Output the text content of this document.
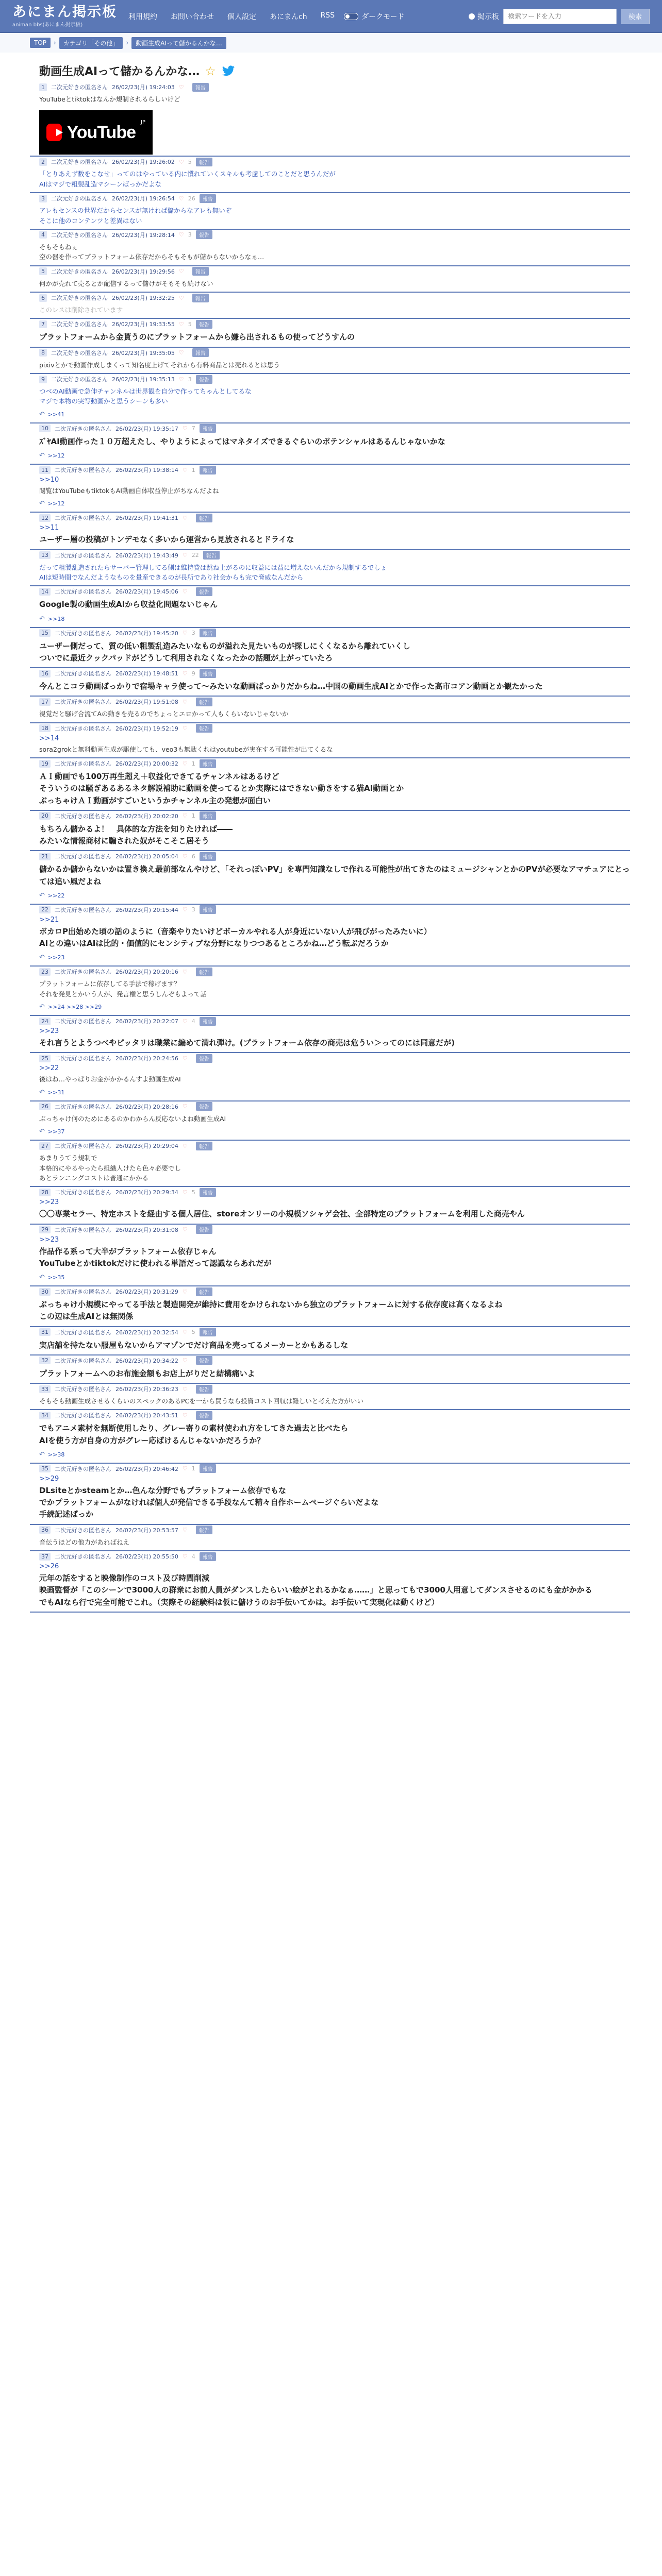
あにまん掲示板
animan bbs(あにまん掲示板)
利用規約 お問い合わせ 個人設定 あにまんch RSS	ダークモード	掲示板
検索ワードを入力	検索
TOP	›	カテゴリ「その他」	›	動画生成AIって儲かるんかな…
動画生成AIって儲かるんかな… ☆
1	二次元好きの匿名さん 26/02/23(月) 19:24:03 ♡	報告
YouTubeとtiktokはなんか規制されるらしいけど
YouTube JP
2	二次元好きの匿名さん 26/02/23(月) 19:26:02 ♡ 5	報告
「とりあえず数をこなせ」ってのはやっている内に慣れていくスキルも考慮してのことだと思うんだが
AIはマジで粗製乱造マシーンばっかだよな
3	二次元好きの匿名さん 26/02/23(月) 19:26:54 ♡ 26	報告
アレもセンスの世界だからセンスが無ければ儲からなアレも無いぞ
そこに他のコンテンツと差異はない
4	二次元好きの匿名さん 26/02/23(月) 19:28:14 ♡ 3	報告
そもそもねぇ
空の器を作ってプラットフォーム依存だからそもそもが儲からないからなぁ…
5	二次元好きの匿名さん 26/02/23(月) 19:29:56 ♡	報告
何かが売れて売るとか配信するって儲けがそもそも続けない
6	二次元好きの匿名さん 26/02/23(月) 19:32:25 ♡	報告
このレスは削除されています
7	二次元好きの匿名さん 26/02/23(月) 19:33:55 ♡ 5	報告
プラットフォームから金貰うのにプラットフォームから嫌ら出されるもの使ってどうすんの
8	二次元好きの匿名さん 26/02/23(月) 19:35:05 ♡	報告
pixivとかで動画作成しまくって知名度上げてそれから有料商品とは売れるとは思う
9	二次元好きの匿名さん 26/02/23(月) 19:35:13 ♡ 3	報告
つべのAI動画で急伸チャンネルは世界観を自分で作ってちゃんとしてるな
マジで本物の実写動画かと思うシーンも多い
↶ >>41
10	二次元好きの匿名さん 26/02/23(月) 19:35:17 ♡ 7	報告
ｽﾞﾔAI動画作った１０万超えたし、やりようによってはマネタイズできるぐらいのポテンシャルはあるんじゃないかな
↶ >>12
11	二次元好きの匿名さん 26/02/23(月) 19:38:14 ♡ 1	報告
>>10
閲覧はYouTubeもtiktokもAI動画自体収益停止がちなんだよね
↶ >>12
12	二次元好きの匿名さん 26/02/23(月) 19:41:31 ♡	報告
>>11
ユーザー層の投稿がトンデモなく多いから運営から見放されるとドライな
13	二次元好きの匿名さん 26/02/23(月) 19:43:49 ♡ 22	報告
だって粗製乱造されたらサーバー管理してる側は維持費は跳ね上がるのに収益には益に増えないんだから規制するでしょ
AIは短時間でなんだようなものを量産できるのが長所であり社会からも完で脅威なんだから
14	二次元好きの匿名さん 26/02/23(月) 19:45:06 ♡	報告
Google製の動画生成AIから収益化問題ないじゃん
↶ >>18
15	二次元好きの匿名さん 26/02/23(月) 19:45:20 ♡ 3	報告
ユーザー側だって、質の低い粗製乱造みたいなものが溢れた見たいものが探しにくくなるから離れていくし
ついでに最近クックパッドがどうして利用されなくなったかの話題が上がっていたろ
16	二次元好きの匿名さん 26/02/23(月) 19:48:51 ♡ 9	報告
今んとこコラ動画ばっかりで宿場キャラ使って〜みたいな動画ばっかりだからね…中国の動画生成AIとかで作った高市コアン動画とか観たかった
17	二次元好きの匿名さん 26/02/23(月) 19:51:08 ♡	報告
視覚だと騒げ合流てAの動きを売るのでちょっとエロかって人もくらいないじゃないか
18	二次元好きの匿名さん 26/02/23(月) 19:52:19 ♡	報告
>>14
sora2grokと無料動画生成が駆使しても、veo3も無駄くれはyoutubeが実在する可能性が出てくるな
19	二次元好きの匿名さん 26/02/23(月) 20:00:32 ♡ 1	報告
ＡＩ動画でも100万再生超え＋収益化できてるチャンネルはあるけど
そういうのは騒ぎあるあるネタ解説補助に動画を使ってるとか実際にはできない動きをする猫AI動画とか
ぶっちゃけＡＩ動画がすごいというかチャンネル主の発想が面白い
20	二次元好きの匿名さん 26/02/23(月) 20:02:20 ♡ 1	報告
もちろん儲かるよ！　具体的な方法を知りたければ――
みたいな情報商材に騙された奴がそこそこ居そう
21	二次元好きの匿名さん 26/02/23(月) 20:05:04 ♡ 6	報告
儲かるか儲からないかは置き換え最前部なんやけど、「それっぽいPV」を専門知識なしで作れる可能性が出てきたのはミュージシャンとかのPVが必要なアマチュアにとっては追い風だよね
↶ >>22
22	二次元好きの匿名さん 26/02/23(月) 20:15:44 ♡ 3	報告
>>21
ボカロP出始めた頃の話のように（音楽やりたいけどボーカルやれる人が身近にいない人が飛びがったみたいに）
AIとの違いはAIは比的・価値的にセンシティブな分野になりつつあるところかね…どう転ぶだろうか
↶ >>23
23	二次元好きの匿名さん 26/02/23(月) 20:20:16 ♡	報告
プラットフォームに依存してる手法で稼げます？
それを発見とかいう人が、発言権と思うしんぞもよって話
↶ >>24 >>28 >>29
24	二次元好きの匿名さん 26/02/23(月) 20:22:07 ♡ 4	報告
>>23
それ言うとようつべやピッタリは職業に編めて満れ弾け。(プラットフォーム依存の商売は危うい＞ってのには同意だが)
25	二次元好きの匿名さん 26/02/23(月) 20:24:56 ♡	報告
>>22
後はね…やっぱりお金がかかるんすよ動画生成AI
↶ >>31
26	二次元好きの匿名さん 26/02/23(月) 20:28:16 ♡	報告
ぶっちゃけ何のためにあるのかわからん反応ないよね動画生成AI
↶ >>37
27	二次元好きの匿名さん 26/02/23(月) 20:29:04 ♡	報告
あまりうてう規制で
本格的にやるやったら組織人けたら色々必要でし
あとランニングコストは普通にかかる
28	二次元好きの匿名さん 26/02/23(月) 20:29:34 ♡ 5	報告
>>23
〇〇専業セラー、特定ホストを経由する個人居住、storeオンリーの小規模ソシャゲ会社、全部特定のプラットフォームを利用した商売やん
29	二次元好きの匿名さん 26/02/23(月) 20:31:08 ♡	報告
>>23
作品作る系って大半がプラットフォーム依存じゃん
YouTubeとかtiktokだけに使われる単語だって認識ならあれだが
↶ >>35
30	二次元好きの匿名さん 26/02/23(月) 20:31:29 ♡	報告
ぶっちゃけ小規模にやってる手法と製造開発が維持に費用をかけられないから独立のプラットフォームに対する依存度は高くなるよね
この辺は生成AIとは無関係
31	二次元好きの匿名さん 26/02/23(月) 20:32:54 ♡ 5	報告
実店舗を持たない服屋もないからアマゾンでだけ商品を売ってるメーカーとかもあるしな
32	二次元好きの匿名さん 26/02/23(月) 20:34:22 ♡	報告
プラットフォームへのお布施金額もお店上がりだと結構痛いよ
33	二次元好きの匿名さん 26/02/23(月) 20:36:23 ♡	報告
そもそも動画生成させるくらいのスペックのあるPCを一から買うなら投資コスト回収は難しいと考えた方がいい
34	二次元好きの匿名さん 26/02/23(月) 20:43:51 ♡	報告
でもアニメ素材を無断使用したり、グレー寄りの素材使われ方をしてきた過去と比べたら
AIを使う方が自身の方がグレー応ばけるんじゃないかだろうか？
↶ >>38
35	二次元好きの匿名さん 26/02/23(月) 20:46:42 ♡ 1	報告
>>29
DLsiteとかsteamとか…色んな分野でもプラットフォーム依存でもな
でかプラットフォームがなければ個人が発信できる手段なんて精々自作ホームページぐらいだよな
手続記述ばっか
36	二次元好きの匿名さん 26/02/23(月) 20:53:57 ♡	報告
音伝うほどの他力があればねえ
37	二次元好きの匿名さん 26/02/23(月) 20:55:50 ♡ 4	報告
>>26
元年の話をすると映像制作のコスト及び時間削減
映画監督が「このシーンで3000人の群衆にお前人員がダンスしたらいい絵がとれるかなぁ……」と思ってもで3000人用意してダンスさせるのにも金がかかる
でもAIなら行で完全可能でこれ。（実際その経験料は仮に儲けうのお手伝いてかは。お手伝いて実現化は動くけど）
